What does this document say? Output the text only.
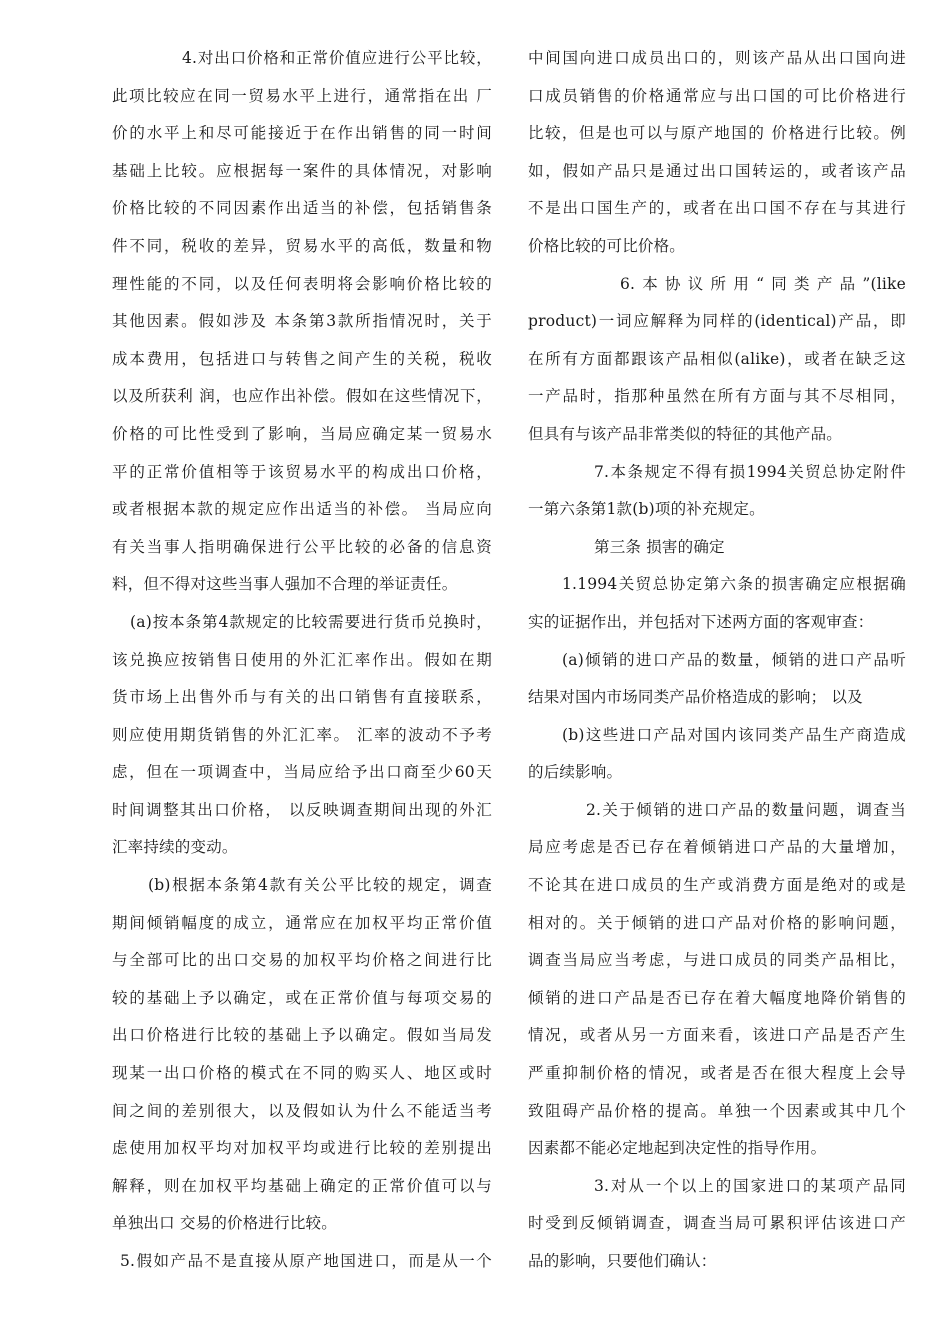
4.对出口价格和正常价值应进行公平比较，
此项比较应在同一贸易水平上进行，通常指在出 厂
价的水平上和尽可能接近于在作出销售的同一时间
基础上比较。应根据每一案件的具体情况，对影响
价格比较的不同因素作出适当的补偿，包括销售条
件不同，税收的差异，贸易水平的高低，数量和物
理性能的不同，以及任何表明将会影响价格比较的
其他因素。假如涉及 本条第3款所指情况时，关于
成本费用，包括进口与转售之间产生的关税，税收
以及所获利 润，也应作出补偿。假如在这些情况下，
价格的可比性受到了影响，当局应确定某一贸易水
平的正常价值相等于该贸易水平的构成出口价格，
或者根据本款的规定应作出适当的补偿。 当局应向
有关当事人指明确保进行公平比较的必备的信息资
料，但不得对这些当事人强加不合理的举证责任。
(a)按本条第4款规定的比较需要进行货币兑换时，
该兑换应按销售日使用的外汇汇率作出。假如在期
货市场上出售外币与有关的出口销售有直接联系，
则应使用期货销售的外汇汇率。 汇率的波动不予考
虑，但在一项调查中，当局应给予出口商至少60天
时间调整其出口价格， 以反映调查期间出现的外汇
汇率持续的变动。
(b)根据本条第4款有关公平比较的规定，调查
期间倾销幅度的成立，通常应在加权平均正常价值
与全部可比的出口交易的加权平均价格之间进行比
较的基础上予以确定，或在正常价值与每项交易的
出口价格进行比较的基础上予以确定。假如当局发
现某一出口价格的模式在不同的购买人、地区或时
间之间的差别很大，以及假如认为什么不能适当考
虑使用加权平均对加权平均或进行比较的差别提出
解释，则在加权平均基础上确定的正常价值可以与
单独出口 交易的价格进行比较。
5.假如产品不是直接从原产地国进口，而是从一个
中间国向进口成员出口的，则该产品从出口国向进
口成员销售的价格通常应与出口国的可比价格进行
比较，但是也可以与原产地国的 价格进行比较。例
如，假如产品只是通过出口国转运的，或者该产品
不是出口国生产的，或者在出口国不存在与其进行
价格比较的可比价格。
6.本协议所用“同类产品”(like
product)一词应解释为同样的(identical)产品，即
在所有方面都跟该产品相似(alike)，或者在缺乏这
一产品时，指那种虽然在所有方面与其不尽相同，
但具有与该产品非常类似的特征的其他产品。
7.本条规定不得有损1994关贸总协定附件
一第六条第1款(b)项的补充规定。
第三条 损害的确定
1.1994关贸总协定第六条的损害确定应根据确
实的证据作出，并包括对下述两方面的客观审查：
(a)倾销的进口产品的数量，倾销的进口产品听
结果对国内市场同类产品价格造成的影响； 以及
(b)这些进口产品对国内该同类产品生产商造成
的后续影响。
2.关于倾销的进口产品的数量问题，调查当
局应考虑是否已存在着倾销进口产品的大量增加，
不论其在进口成员的生产或消费方面是绝对的或是
相对的。关于倾销的进口产品对价格的影响问题，
调查当局应当考虑，与进口成员的同类产品相比，
倾销的进口产品是否已存在着大幅度地降价销售的
情况，或者从另一方面来看，该进口产品是否产生
严重抑制价格的情况，或者是否在很大程度上会导
致阻碍产品价格的提高。单独一个因素或其中几个
因素都不能必定地起到决定性的指导作用。
3.对从一个以上的国家进口的某项产品同
时受到反倾销调查，调查当局可累积评估该进口产
品的影响，只要他们确认：
